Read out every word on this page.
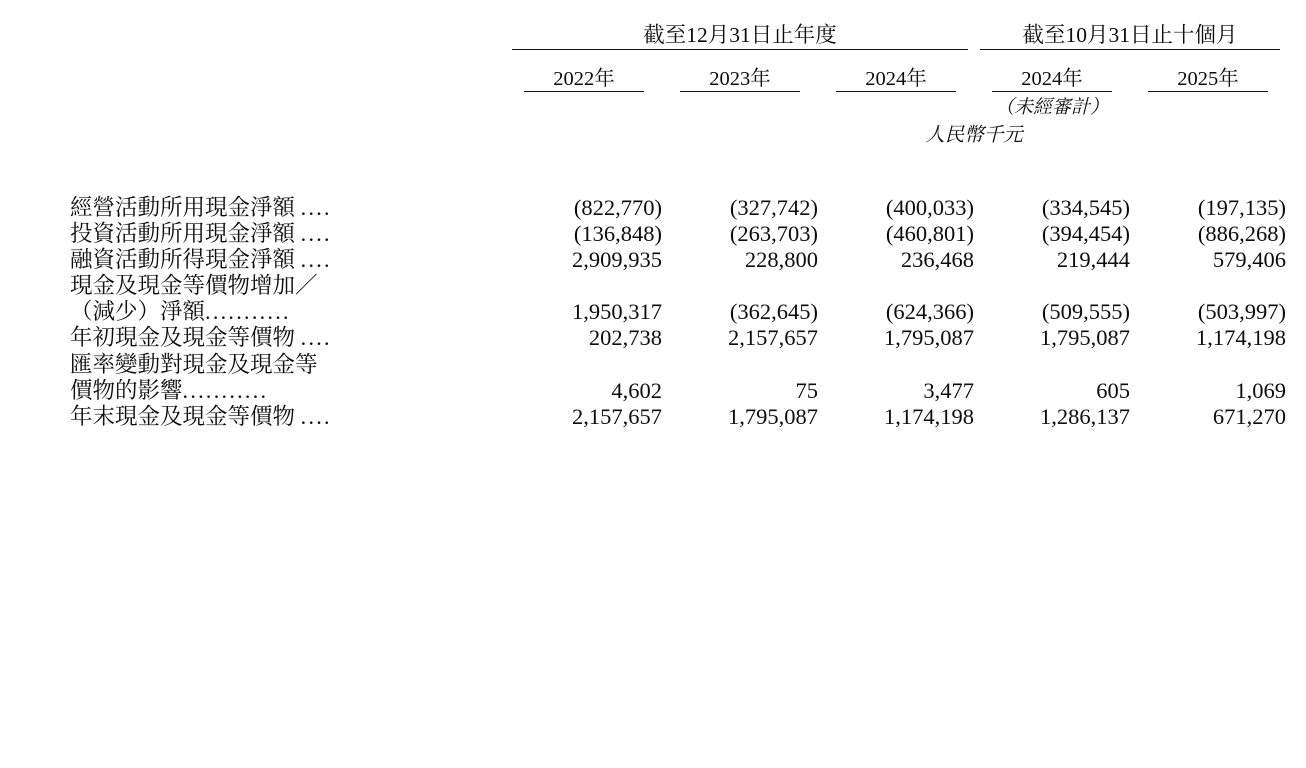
	截至12月31日止年度			截至10月31日止十個月	

	2022年	2023年	2024年	2024年	2025年

				（未經審計）	
			人民幣千元		

經營活動所用現金淨額 ....	(822,770)	(327,742)	(400,033)	(334,545)	(197,135)
投資活動所用現金淨額 ....	(136,848)	(263,703)	(460,801)	(394,454)	(886,268)
融資活動所得現金淨額 ....	2,909,935	228,800	236,468	219,444	579,406
現金及現金等價物增加／					
（減少）淨額...........	1,950,317	(362,645)	(624,366)	(509,555)	(503,997)
年初現金及現金等價物 ....	202,738	2,157,657	1,795,087	1,795,087	1,174,198
匯率變動對現金及現金等					
價物的影響...........	4,602	75	3,477	605	1,069
年末現金及現金等價物 ....	2,157,657	1,795,087	1,174,198	1,286,137	671,270
